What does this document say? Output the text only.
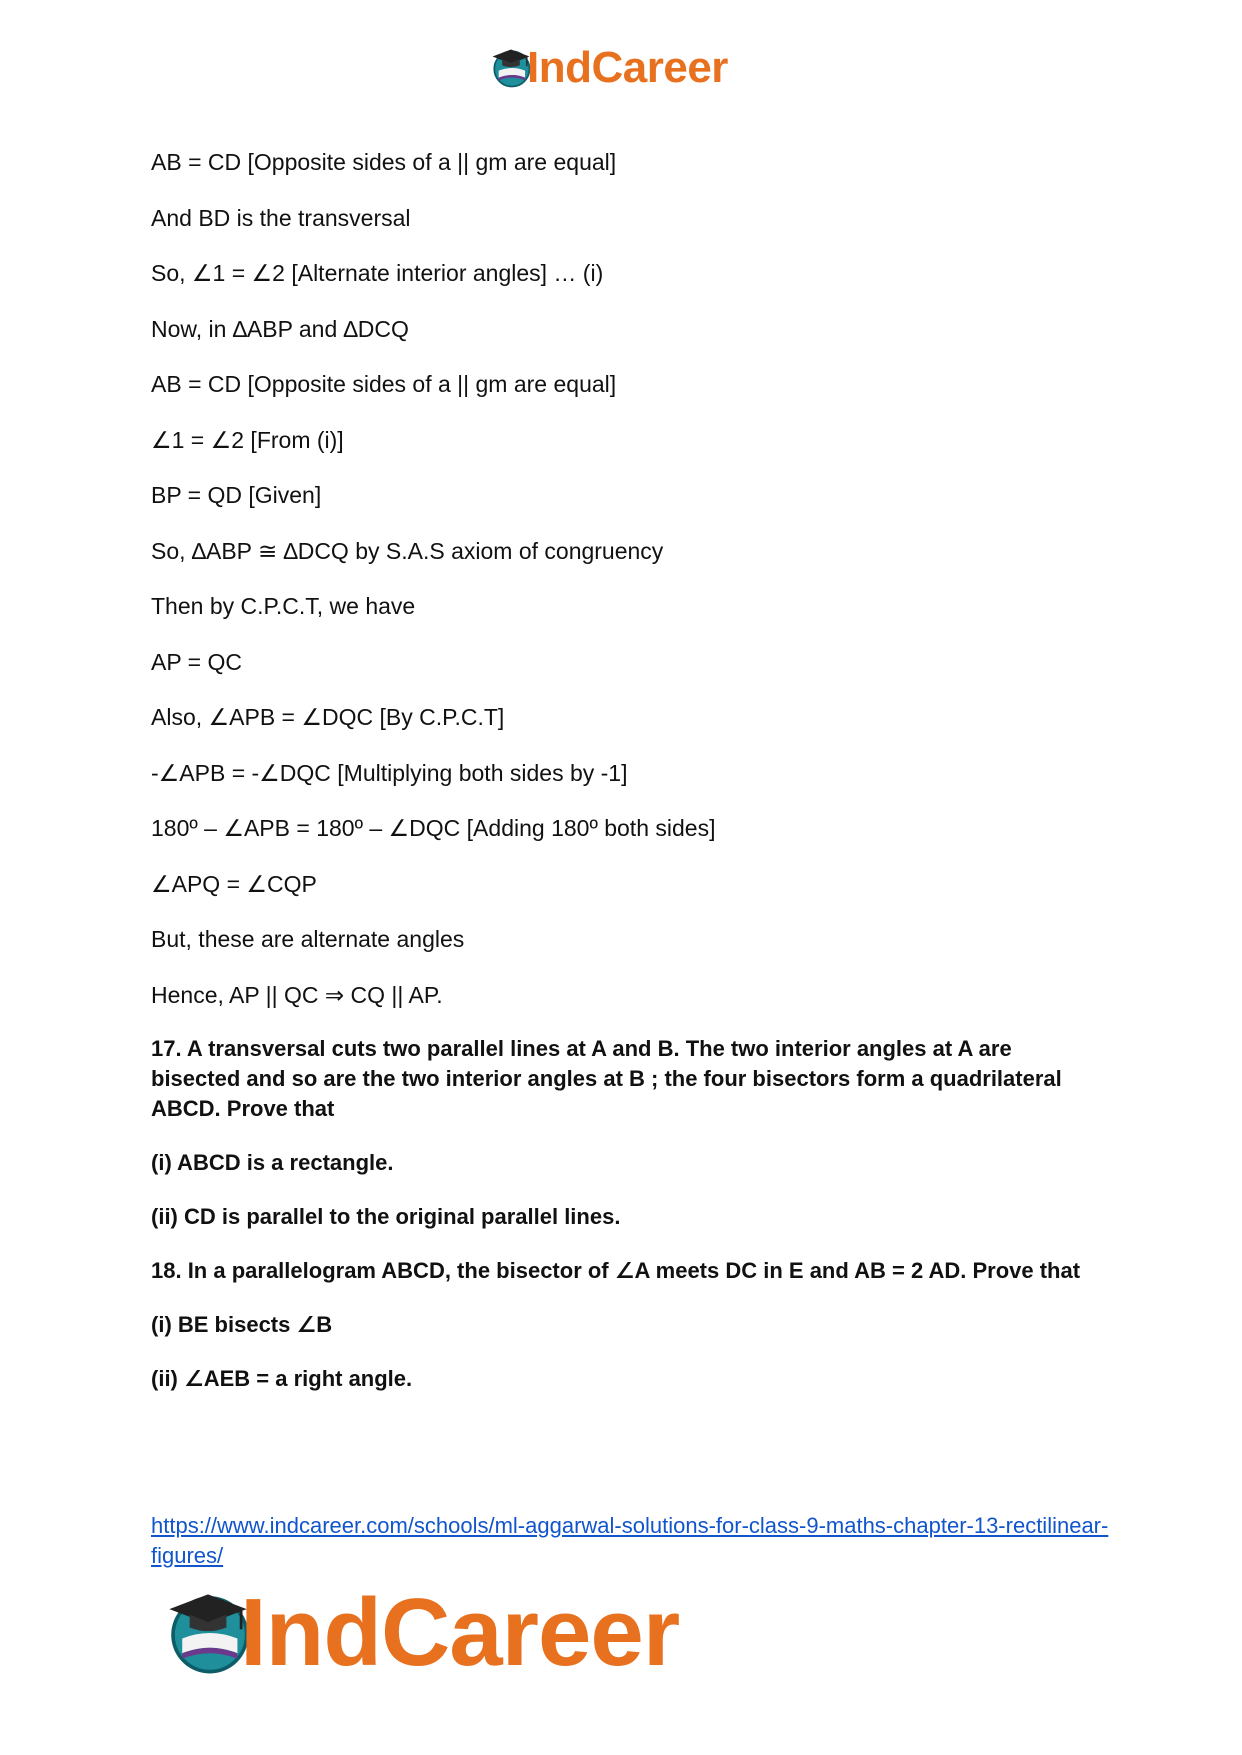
IndCareer

AB = CD [Opposite sides of a || gm are equal]

And BD is the transversal

So, ∠1 = ∠2 [Alternate interior angles] … (i)

Now, in ∆ABP and ∆DCQ

AB = CD [Opposite sides of a || gm are equal]

∠1 = ∠2 [From (i)]

BP = QD [Given]

So, ∆ABP ≅ ∆DCQ by S.A.S axiom of congruency

Then by C.P.C.T, we have

AP = QC

Also, ∠APB = ∠DQC [By C.P.C.T]

-∠APB = -∠DQC [Multiplying both sides by -1]

180º – ∠APB = 180º – ∠DQC [Adding 180º both sides]

∠APQ = ∠CQP

But, these are alternate angles

Hence, AP || QC ⇒ CQ || AP.

17. A transversal cuts two parallel lines at A and B. The two interior angles at A are bisected and so are the two interior angles at B ; the four bisectors form a quadrilateral ABCD. Prove that

(i) ABCD is a rectangle.

(ii) CD is parallel to the original parallel lines.

18. In a parallelogram ABCD, the bisector of ∠A meets DC in E and AB = 2 AD. Prove that

(i) BE bisects ∠B

(ii) ∠AEB = a right angle.

https://www.indcareer.com/schools/ml-aggarwal-solutions-for-class-9-maths-chapter-13-rectilinear-figures/
IndCareer
